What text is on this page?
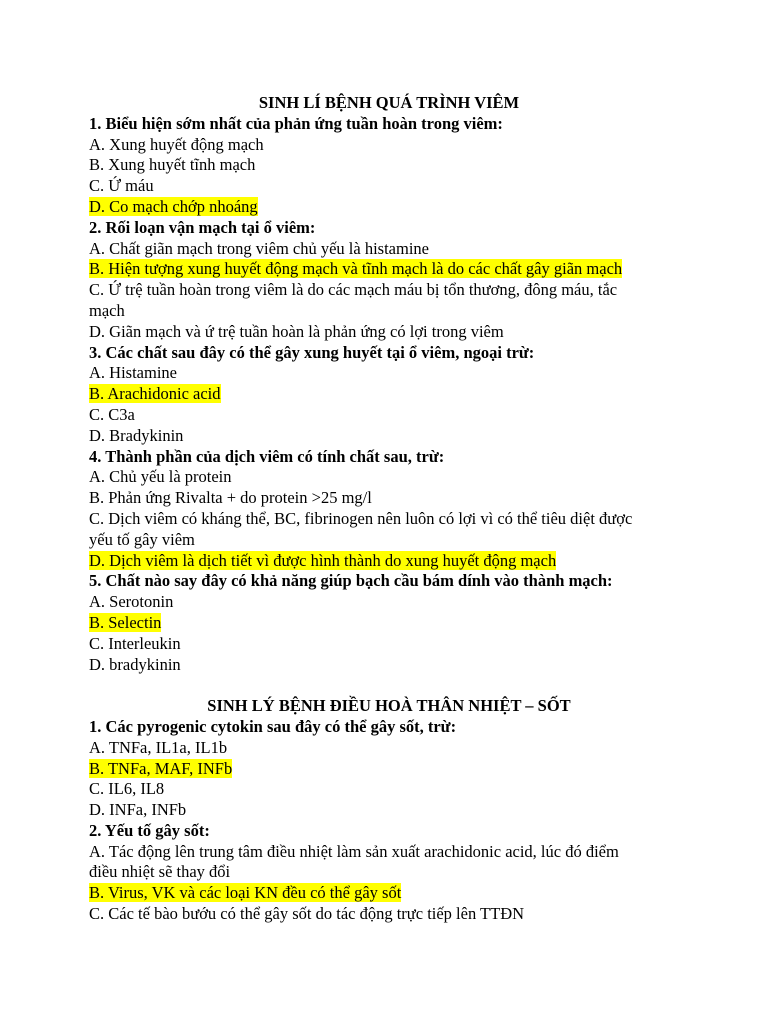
SINH LÍ BỆNH QUÁ TRÌNH VIÊM
1. Biểu hiện sớm nhất của phản ứng tuần hoàn trong viêm:
A. Xung huyết động mạch
B. Xung huyết tĩnh mạch
C. Ứ máu
D. Co mạch chớp nhoáng
2. Rối loạn vận mạch tại ổ viêm:
A. Chất giãn mạch trong viêm chủ yếu là histamine
B. Hiện tượng xung huyết động mạch và tĩnh mạch là do các chất gây giãn mạch
C. Ứ trệ tuần hoàn trong viêm là do các mạch máu bị tổn thương, đông máu, tắc
mạch
D. Giãn mạch và ứ trệ tuần hoàn là phản ứng có lợi trong viêm
3. Các chất sau đây có thể gây xung huyết tại ổ viêm, ngoại trừ:
A. Histamine
B. Arachidonic acid
C. C3a
D. Bradykinin
4. Thành phần của dịch viêm có tính chất sau, trừ:
A. Chủ yếu là protein
B. Phản ứng Rivalta + do protein >25 mg/l
C. Dịch viêm có kháng thể, BC, fibrinogen nên luôn có lợi vì có thể tiêu diệt được
yếu tố gây viêm
D. Dịch viêm là dịch tiết vì được hình thành do xung huyết động mạch
5. Chất nào say đây có khả năng giúp bạch cầu bám dính vào thành mạch:
A. Serotonin
B. Selectin
C. Interleukin
D. bradykinin
SINH LÝ BỆNH ĐIỀU HOÀ THÂN NHIỆT – SỐT
1. Các pyrogenic cytokin sau đây có thể gây sốt, trừ:
A. TNFa, IL1a, IL1b
B. TNFa, MAF, INFb
C. IL6, IL8
D. INFa, INFb
2. Yếu tố gây sốt:
A. Tác động lên trung tâm điều nhiệt làm sản xuất arachidonic acid, lúc đó điểm
điều nhiệt sẽ thay đổi
B. Virus, VK và các loại KN đều có thể gây sốt
C. Các tế bào bướu có thể gây sốt do tác động trực tiếp lên TTĐN
